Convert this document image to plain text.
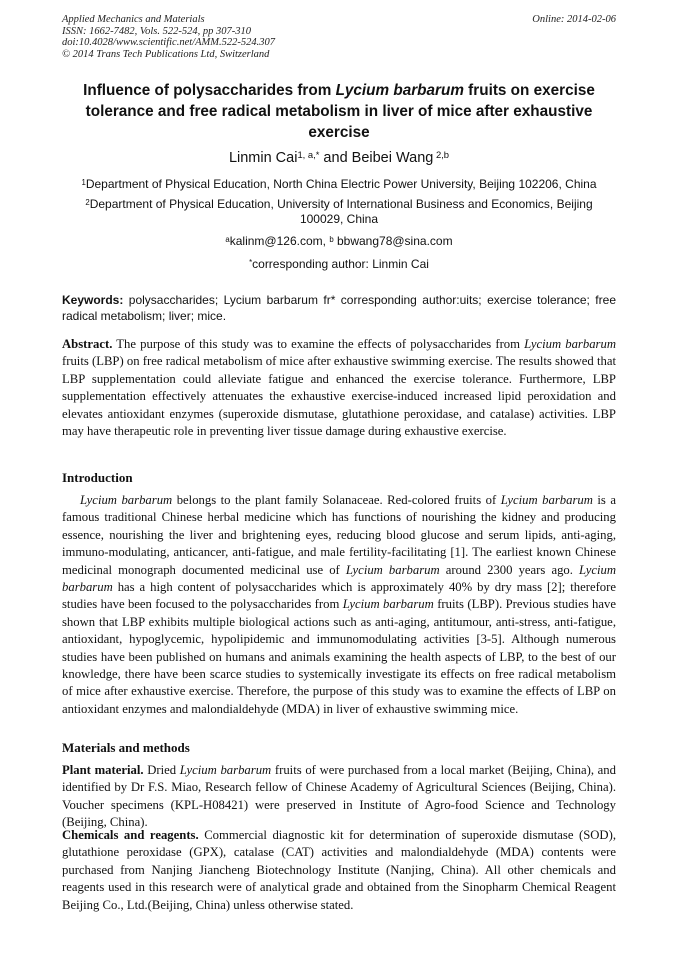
Applied Mechanics and Materials
ISSN: 1662-7482, Vols. 522-524, pp 307-310
doi:10.4028/www.scientific.net/AMM.522-524.307
© 2014 Trans Tech Publications Ltd, Switzerland
Online: 2014-02-06
Influence of polysaccharides from Lycium barbarum fruits on exercise tolerance and free radical metabolism in liver of mice after exhaustive exercise
Linmin Cai$^{1, a,*}$ and Beibei Wang $^{2,b}$
$^1$Department of Physical Education, North China Electric Power University, Beijing 102206, China
$^2$Department of Physical Education, University of International Business and Economics, Beijing 100029, China
$^a$kalinm@126.com, $^b$ bbwang78@sina.com
*corresponding author: Linmin Cai
Keywords: polysaccharides; Lycium barbarum fr* corresponding author:uits; exercise tolerance; free radical metabolism; liver; mice.
Abstract. The purpose of this study was to examine the effects of polysaccharides from Lycium barbarum fruits (LBP) on free radical metabolism of mice after exhaustive swimming exercise. The results showed that LBP supplementation could alleviate fatigue and enhanced the exercise tolerance. Furthermore, LBP supplementation effectively attenuates the exhaustive exercise-induced increased lipid peroxidation and elevates antioxidant enzymes (superoxide dismutase, glutathione peroxidase, and catalase) activities. LBP may have therapeutic role in preventing liver tissue damage during exhaustive exercise.
Introduction
Lycium barbarum belongs to the plant family Solanaceae. Red-colored fruits of Lycium barbarum is a famous traditional Chinese herbal medicine which has functions of nourishing the kidney and producing essence, nourishing the liver and brightening eyes, reducing blood glucose and serum lipids, anti-aging, immuno-modulating, anticancer, anti-fatigue, and male fertility-facilitating [1]. The earliest known Chinese medicinal monograph documented medicinal use of Lycium barbarum around 2300 years ago. Lycium barbarum has a high content of polysaccharides which is approximately 40% by dry mass [2]; therefore studies have been focused to the polysaccharides from Lycium barbarum fruits (LBP). Previous studies have shown that LBP exhibits multiple biological actions such as anti-aging, antitumour, anti-stress, anti-fatigue, antioxidant, hypoglycemic, hypolipidemic and immunomodulating activities [3-5]. Although numerous studies have been published on humans and animals examining the health aspects of LBP, to the best of our knowledge, there have been scarce studies to systemically investigate its effects on free radical metabolism of mice after exhaustive exercise. Therefore, the purpose of this study was to examine the effects of LBP on antioxidant enzymes and malondialdehyde (MDA) in liver of exhaustive swimming mice.
Materials and methods
Plant material. Dried Lycium barbarum fruits of were purchased from a local market (Beijing, China), and identified by Dr F.S. Miao, Research fellow of Chinese Academy of Agricultural Sciences (Beijing, China). Voucher specimens (KPL-H08421) were preserved in Institute of Agro-food Science and Technology (Beijing, China).
Chemicals and reagents. Commercial diagnostic kit for determination of superoxide dismutase (SOD), glutathione peroxidase (GPX), catalase (CAT) activities and malondialdehyde (MDA) contents were purchased from Nanjing Jiancheng Biotechnology Institute (Nanjing, China). All other chemicals and reagents used in this research were of analytical grade and obtained from the Sinopharm Chemical Reagent Beijing Co., Ltd.(Beijing, China) unless otherwise stated.
